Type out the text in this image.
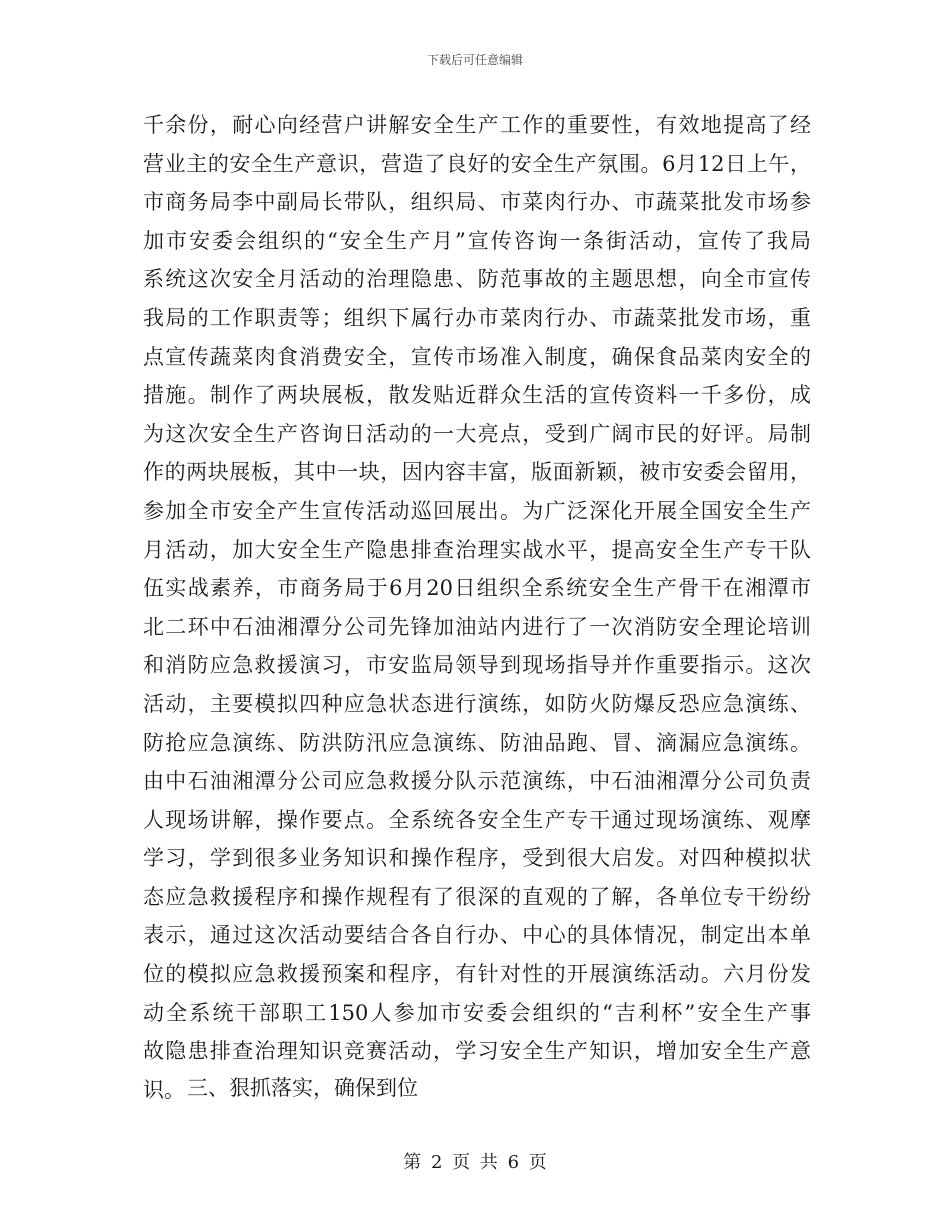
下载后可任意编辑
千余份，耐心向经营户讲解安全生产工作的重要性，有效地提高了经
营业主的安全生产意识，营造了良好的安全生产氛围。6月12日上午，
市商务局李中副局长带队，组织局、市菜肉行办、市蔬菜批发市场参
加市安委会组织的“安全生产月”宣传咨询一条街活动，宣传了我局
系统这次安全月活动的治理隐患、防范事故的主题思想，向全市宣传
我局的工作职责等；组织下属行办市菜肉行办、市蔬菜批发市场，重
点宣传蔬菜肉食消费安全，宣传市场准入制度，确保食品菜肉安全的
措施。制作了两块展板，散发贴近群众生活的宣传资料一千多份，成
为这次安全生产咨询日活动的一大亮点，受到广阔市民的好评。局制
作的两块展板，其中一块，因内容丰富，版面新颖，被市安委会留用，
参加全市安全产生宣传活动巡回展出。为广泛深化开展全国安全生产
月活动，加大安全生产隐患排查治理实战水平，提高安全生产专干队
伍实战素养，市商务局于6月20日组织全系统安全生产骨干在湘潭市
北二环中石油湘潭分公司先锋加油站内进行了一次消防安全理论培训
和消防应急救援演习，市安监局领导到现场指导并作重要指示。这次
活动，主要模拟四种应急状态进行演练，如防火防爆反恐应急演练、
防抢应急演练、防洪防汛应急演练、防油品跑、冒、滴漏应急演练。
由中石油湘潭分公司应急救援分队示范演练，中石油湘潭分公司负责
人现场讲解，操作要点。全系统各安全生产专干通过现场演练、观摩
学习，学到很多业务知识和操作程序，受到很大启发。对四种模拟状
态应急救援程序和操作规程有了很深的直观的了解，各单位专干纷纷
表示，通过这次活动要结合各自行办、中心的具体情况，制定出本单
位的模拟应急救援预案和程序，有针对性的开展演练活动。六月份发
动全系统干部职工150人参加市安委会组织的“吉利杯”安全生产事
故隐患排查治理知识竞赛活动，学习安全生产知识，增加安全生产意
识。 三、狠抓落实，确保到位
第 2 页 共 6 页
